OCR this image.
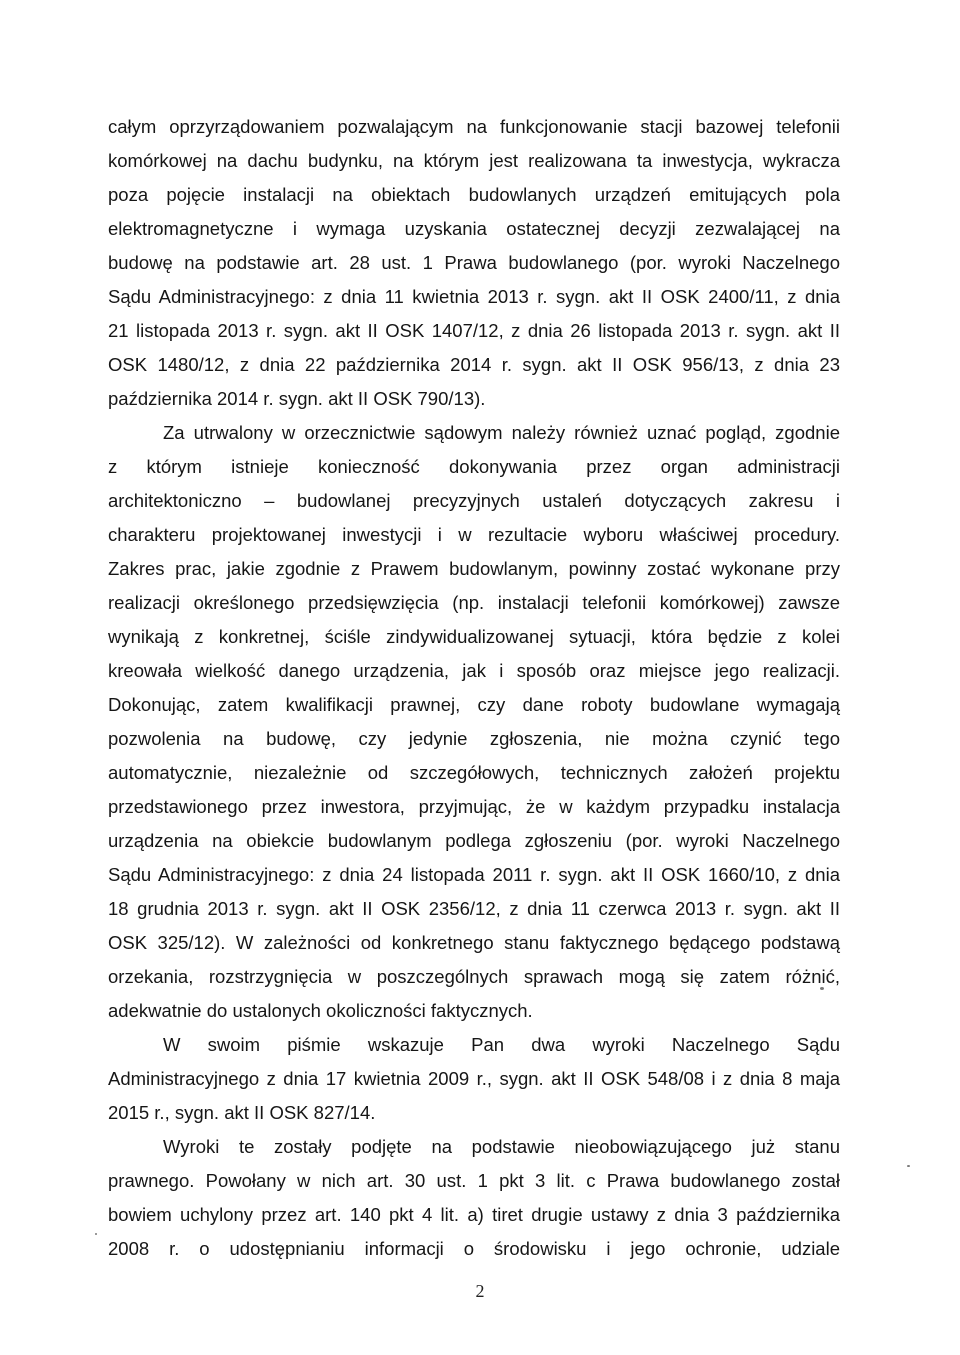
całym oprzyrządowaniem pozwalającym na funkcjonowanie stacji bazowej telefonii
komórkowej na dachu budynku, na którym jest realizowana ta inwestycja, wykracza
poza pojęcie instalacji na obiektach budowlanych urządzeń emitujących pola
elektromagnetyczne i wymaga uzyskania ostatecznej decyzji zezwalającej na
budowę na podstawie art. 28 ust. 1 Prawa budowlanego (por. wyroki Naczelnego
Sądu Administracyjnego: z dnia 11 kwietnia 2013 r. sygn. akt II OSK 2400/11, z dnia
21 listopada 2013 r. sygn. akt II OSK 1407/12, z dnia 26 listopada 2013 r. sygn. akt II
OSK 1480/12, z dnia 22 października 2014 r. sygn. akt II OSK 956/13, z dnia 23
października 2014 r. sygn. akt II OSK 790/13).
Za utrwalony w orzecznictwie sądowym należy również uznać pogląd, zgodnie
z którym istnieje konieczność dokonywania przez organ administracji
architektoniczno – budowlanej precyzyjnych ustaleń dotyczących zakresu i
charakteru projektowanej inwestycji i w rezultacie wyboru właściwej procedury.
Zakres prac, jakie zgodnie z Prawem budowlanym, powinny zostać wykonane przy
realizacji określonego przedsięwzięcia (np. instalacji telefonii komórkowej) zawsze
wynikają z konkretnej, ściśle zindywidualizowanej sytuacji, która będzie z kolei
kreowała wielkość danego urządzenia, jak i sposób oraz miejsce jego realizacji.
Dokonując, zatem kwalifikacji prawnej, czy dane roboty budowlane wymagają
pozwolenia na budowę, czy jedynie zgłoszenia, nie można czynić tego
automatycznie, niezależnie od szczegółowych, technicznych założeń projektu
przedstawionego przez inwestora, przyjmując, że w każdym przypadku instalacja
urządzenia na obiekcie budowlanym podlega zgłoszeniu (por. wyroki Naczelnego
Sądu Administracyjnego: z dnia 24 listopada 2011 r. sygn. akt II OSK 1660/10, z dnia
18 grudnia 2013 r. sygn. akt II OSK 2356/12, z dnia 11 czerwca 2013 r. sygn. akt II
OSK 325/12). W zależności od konkretnego stanu faktycznego będącego podstawą
orzekania, rozstrzygnięcia w poszczególnych sprawach mogą się zatem różnić,
adekwatnie do ustalonych okoliczności faktycznych.
W swoim piśmie wskazuje Pan dwa wyroki Naczelnego Sądu
Administracyjnego z dnia 17 kwietnia 2009 r., sygn. akt II OSK 548/08 i z dnia 8 maja
2015 r., sygn. akt II OSK 827/14.
Wyroki te zostały podjęte na podstawie nieobowiązującego już stanu
prawnego. Powołany w nich art. 30 ust. 1 pkt 3 lit. c Prawa budowlanego został
bowiem uchylony przez art. 140 pkt 4 lit. a) tiret drugie ustawy z dnia 3 października
2008 r. o udostępnianiu informacji o środowisku i jego ochronie, udziale
2
